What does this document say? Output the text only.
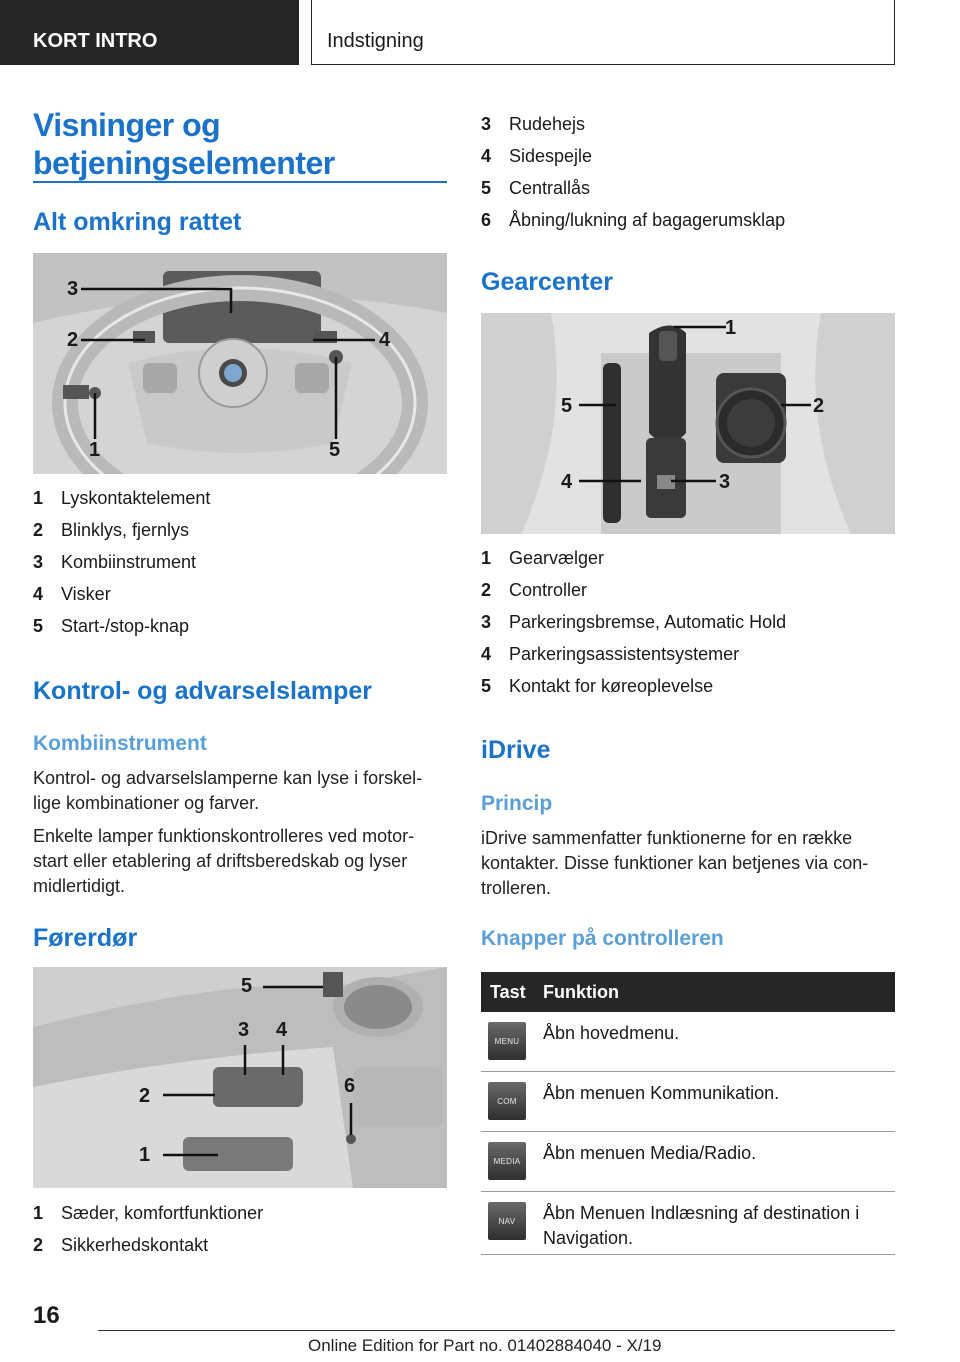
KORT INTRO	Indstigning
Visninger og
betjeningselementer
Alt omkring rattet
3
2	4
1	5
1 Lyskontaktelement
2 Blinklys, fjernlys
3 Kombiinstrument
4 Visker
5 Start-/stop-knap
Kontrol- og advarselslamper
Kombiinstrument
Kontrol- og advarselslamperne kan lyse i forskel-
lige kombinationer og farver.
Enkelte lamper funktionskontrolleres ved motor-
start eller etablering af driftsberedskab og lyser
midlertidigt.
Førerdør
5
3 4
2	6
1
1 Sæder, komfortfunktioner
2 Sikkerhedskontakt
3 Rudehejs
4 Sidespejle
5 Centrallås
6 Åbning/lukning af bagagerumsklap
Gearcenter
1
2
5
4	3
1 Gearvælger
2 Controller
3 Parkeringsbremse, Automatic Hold
4 Parkeringsassistentsystemer
5 Kontakt for køreoplevelse
iDrive
Princip
iDrive sammenfatter funktionerne for en række
kontakter. Disse funktioner kan betjenes via con-
trolleren.
Knapper på controlleren
Tast Funktion
MENU	Åbn hovedmenu.
COM	Åbn menuen Kommunikation.
MEDIA	Åbn menuen Media/Radio.
NAV	Åbn Menuen Indlæsning af destination i
Navigation.
16
Online Edition for Part no. 01402884040 - X/19
